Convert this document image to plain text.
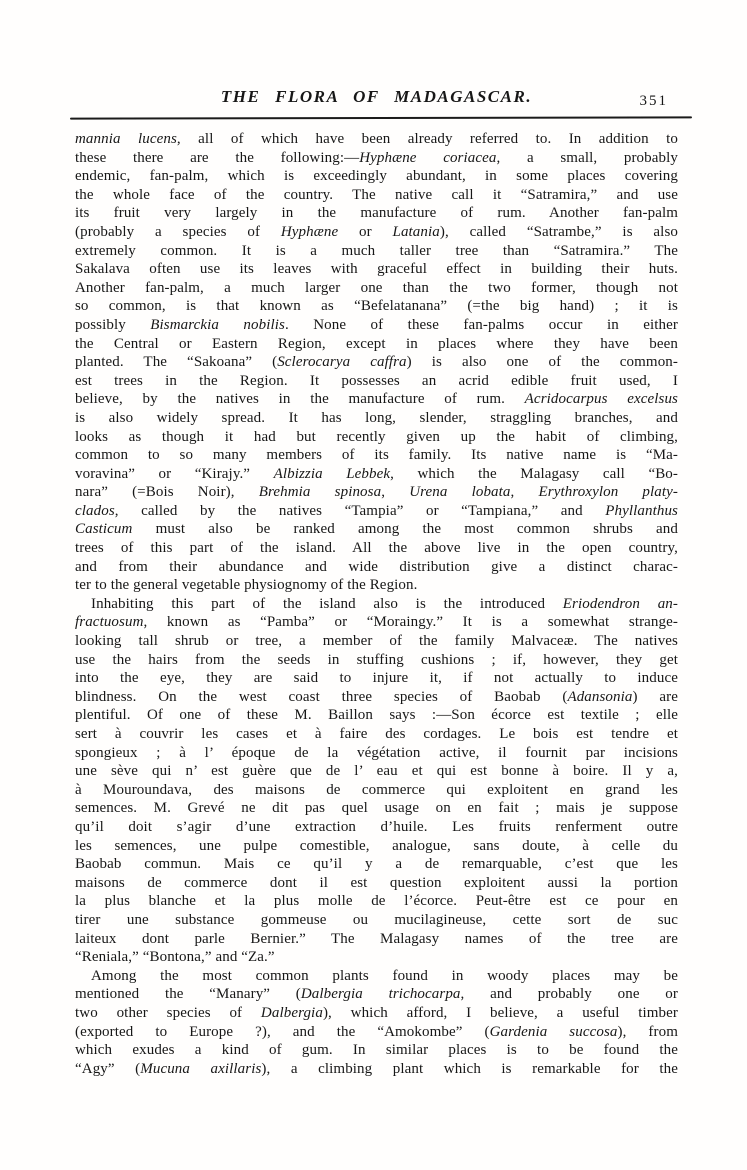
THE FLORA OF MADAGASCAR.	351
mannia lucens, all of which have been already referred to. In addition to
these there are the following:—Hyphæne coriacea, a small, probably
endemic, fan-palm, which is exceedingly abundant, in some places covering
the whole face of the country. The native call it “Satramira,” and use
its fruit very largely in the manufacture of rum. Another fan-palm
(probably a species of Hyphæne or Latania), called “Satrambe,” is also
extremely common. It is a much taller tree than “Satramira.” The
Sakalava often use its leaves with graceful effect in building their huts.
Another fan-palm, a much larger one than the two former, though not
so common, is that known as “Befelatanana” (=the big hand) ; it is
possibly Bismarckia nobilis. None of these fan-palms occur in either
the Central or Eastern Region, except in places where they have been
planted. The “Sakoana” (Sclerocarya caffra) is also one of the common-
est trees in the Region. It possesses an acrid edible fruit used, I
believe, by the natives in the manufacture of rum. Acridocarpus excelsus
is also widely spread. It has long, slender, straggling branches, and
looks as though it had but recently given up the habit of climbing,
common to so many members of its family. Its native name is “Ma-
voravina” or “Kirajy.” Albizzia Lebbek, which the Malagasy call “Bo-
nara” (=Bois Noir), Brehmia spinosa, Urena lobata, Erythroxylon platy-
clados, called by the natives “Tampia” or “Tampiana,” and Phyllanthus
Casticum must also be ranked among the most common shrubs and
trees of this part of the island. All the above live in the open country,
and from their abundance and wide distribution give a distinct charac-
ter to the general vegetable physiognomy of the Region.
Inhabiting this part of the island also is the introduced Eriodendron an-
fractuosum, known as “Pamba” or “Moraingy.” It is a somewhat strange-
looking tall shrub or tree, a member of the family Malvaceæ. The natives
use the hairs from the seeds in stuffing cushions ; if, however, they get
into the eye, they are said to injure it, if not actually to induce
blindness. On the west coast three species of Baobab (Adansonia) are
plentiful. Of one of these M. Baillon says :—Son écorce est textile ; elle
sert à couvrir les cases et à faire des cordages. Le bois est tendre et
spongieux ; à l’ époque de la végétation active, il fournit par incisions
une sève qui n’ est guère que de l’ eau et qui est bonne à boire. Il y a,
à Mouroundava, des maisons de commerce qui exploitent en grand les
semences. M. Grevé ne dit pas quel usage on en fait ; mais je suppose
qu’il doit s’agir d’une extraction d’huile. Les fruits renferment outre
les semences, une pulpe comestible, analogue, sans doute, à celle du
Baobab commun. Mais ce qu’il y a de remarquable, c’est que les
maisons de commerce dont il est question exploitent aussi la portion
la plus blanche et la plus molle de l’écorce. Peut-être est ce pour en
tirer une substance gommeuse ou mucilagineuse, cette sort de suc
laiteux dont parle Bernier.” The Malagasy names of the tree are
“Reniala,” “Bontona,” and “Za.”
Among the most common plants found in woody places may be
mentioned the “Manary” (Dalbergia trichocarpa, and probably one or
two other species of Dalbergia), which afford, I believe, a useful timber
(exported to Europe ?), and the “Amokombe” (Gardenia succosa), from
which exudes a kind of gum. In similar places is to be found the
“Agy” (Mucuna axillaris), a climbing plant which is remarkable for the
